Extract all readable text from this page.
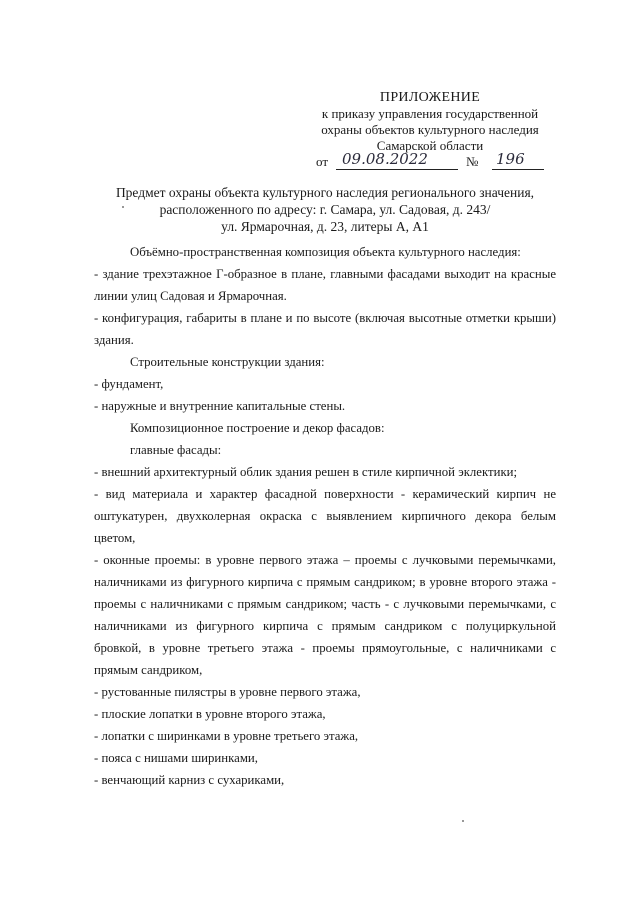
ПРИЛОЖЕНИЕ
к приказу управления государственной
охраны объектов культурного наследия
Самарской области
от 09.08.2022	№ 196
Предмет охраны объекта культурного наследия регионального значения,
расположенного по адресу: г. Самара, ул. Садовая, д. 243/
ул. Ярмарочная, д. 23, литеры А, А1

Объёмно-пространственная композиция объекта культурного наследия:

- здание трехэтажное Г-образное в плане, главными фасадами выходит на красные линии улиц Садовая и Ярмарочная.

- конфигурация, габариты в плане и по высоте (включая высотные отметки крыши) здания.

Строительные конструкции здания:

- фундамент,

- наружные и внутренние капитальные стены.

Композиционное построение и декор фасадов:

главные фасады:

- внешний архитектурный облик здания решен в стиле кирпичной эклектики;

- вид материала и характер фасадной поверхности - керамический кирпич не оштукатурен, двухколерная окраска с выявлением кирпичного декора белым цветом,

- оконные проемы: в уровне первого этажа – проемы с лучковыми перемычками, наличниками из фигурного кирпича с прямым сандриком; в уровне второго этажа - проемы с наличниками с прямым сандриком; часть - с лучковыми перемычками, с наличниками из фигурного кирпича с прямым сандриком с полуциркульной бровкой, в уровне третьего этажа - проемы прямоугольные, с наличниками с прямым сандриком,

- рустованные пилястры в уровне первого этажа,

- плоские лопатки в уровне второго этажа,

- лопатки с ширинками в уровне третьего этажа,

- пояса с нишами ширинками,

- венчающий карниз с сухариками,
